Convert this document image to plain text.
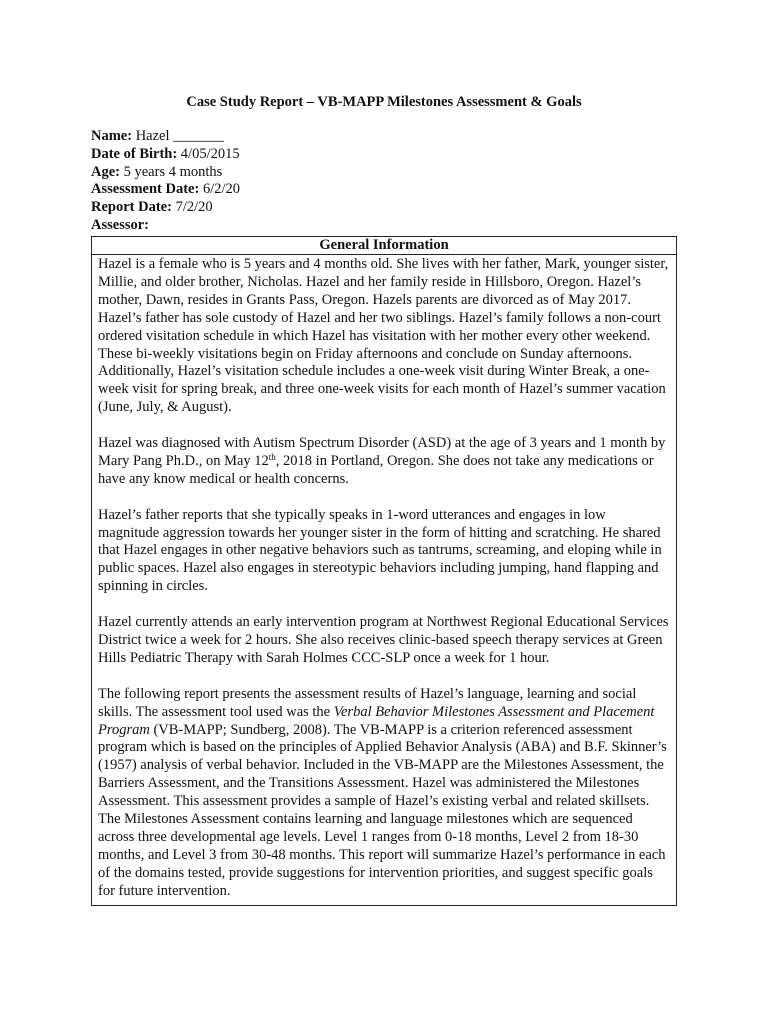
Case Study Report – VB-MAPP Milestones Assessment & Goals
Name: Hazel _______
Date of Birth: 4/05/2015
Age: 5 years 4 months
Assessment Date: 6/2/20
Report Date: 7/2/20
Assessor:
General Information

Hazel is a female who is 5 years and 4 months old. She lives with her father, Mark, younger sister, Millie, and older brother, Nicholas. Hazel and her family reside in Hillsboro, Oregon. Hazel’s mother, Dawn, resides in Grants Pass, Oregon. Hazels parents are divorced as of May 2017. Hazel’s father has sole custody of Hazel and her two siblings. Hazel’s family follows a non-court ordered visitation schedule in which Hazel has visitation with her mother every other weekend. These bi-weekly visitations begin on Friday afternoons and conclude on Sunday afternoons. Additionally, Hazel’s visitation schedule includes a one-week visit during Winter Break, a one-week visit for spring break, and three one-week visits for each month of Hazel’s summer vacation (June, July, & August).

Hazel was diagnosed with Autism Spectrum Disorder (ASD) at the age of 3 years and 1 month by Mary Pang Ph.D., on May 12th, 2018 in Portland, Oregon. She does not take any medications or have any know medical or health concerns.

Hazel’s father reports that she typically speaks in 1-word utterances and engages in low magnitude aggression towards her younger sister in the form of hitting and scratching. He shared that Hazel engages in other negative behaviors such as tantrums, screaming, and eloping while in public spaces. Hazel also engages in stereotypic behaviors including jumping, hand flapping and spinning in circles.

Hazel currently attends an early intervention program at Northwest Regional Educational Services District twice a week for 2 hours. She also receives clinic-based speech therapy services at Green Hills Pediatric Therapy with Sarah Holmes CCC-SLP once a week for 1 hour.

The following report presents the assessment results of Hazel’s language, learning and social skills. The assessment tool used was the Verbal Behavior Milestones Assessment and Placement Program (VB-MAPP; Sundberg, 2008). The VB-MAPP is a criterion referenced assessment program which is based on the principles of Applied Behavior Analysis (ABA) and B.F. Skinner’s (1957) analysis of verbal behavior. Included in the VB-MAPP are the Milestones Assessment, the Barriers Assessment, and the Transitions Assessment. Hazel was administered the Milestones Assessment. This assessment provides a sample of Hazel’s existing verbal and related skillsets. The Milestones Assessment contains learning and language milestones which are sequenced across three developmental age levels. Level 1 ranges from 0-18 months, Level 2 from 18-30 months, and Level 3 from 30-48 months. This report will summarize Hazel’s performance in each of the domains tested, provide suggestions for intervention priorities, and suggest specific goals for future intervention.
